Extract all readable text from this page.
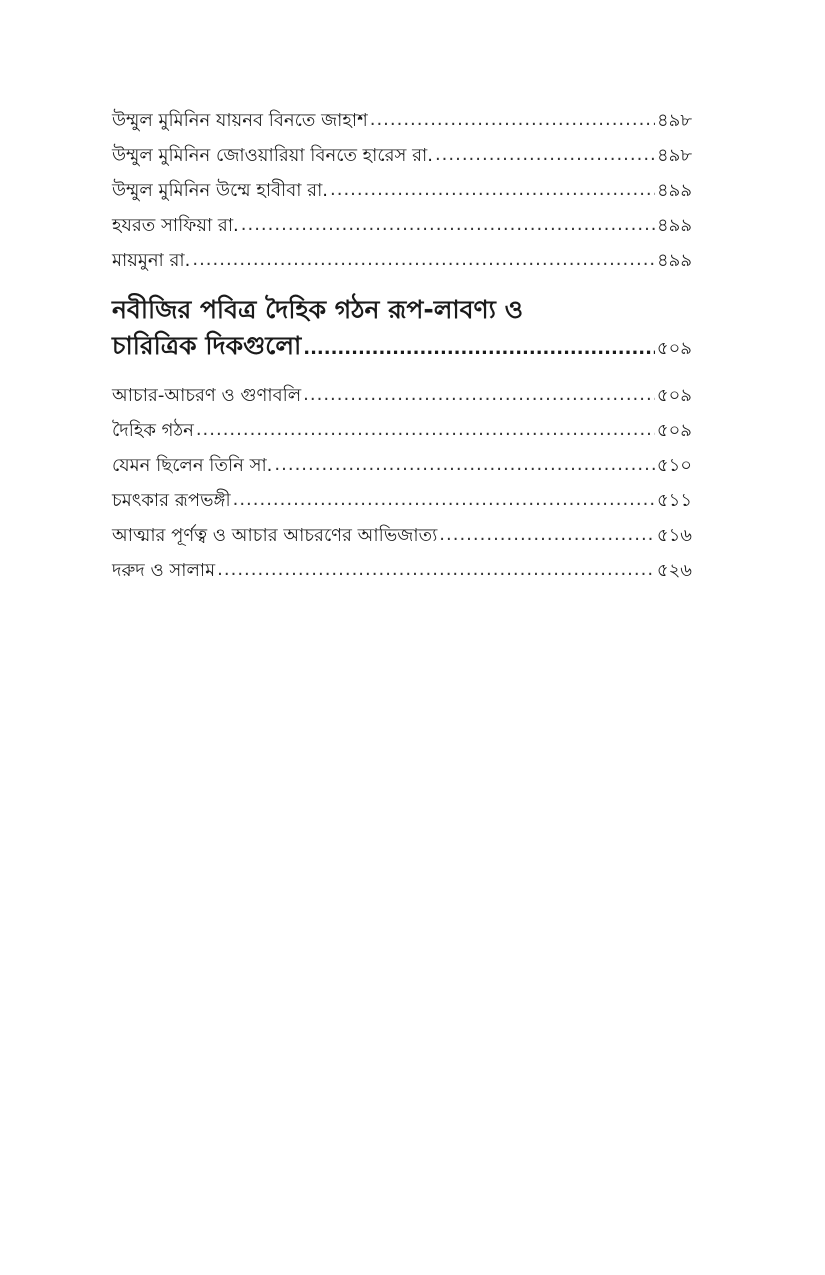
উম্মুল মুমিনিন যায়নব বিনতে জাহাশ .....	৪৯৮
উম্মুল মুমিনিন জোওয়ারিয়া বিনতে হারেস রা. .....	৪৯৮
উম্মুল মুমিনিন উম্মে হাবীবা রা. .....	৪৯৯
হযরত সাফিয়া রা. .....	৪৯৯
মায়মুনা রা. .....	৪৯৯
নবীজির পবিত্র দৈহিক গঠন রূপ-লাবণ্য ও
চারিত্রিক দিকগুলো .....	৫০৯
আচার-আচরণ ও গুণাবলি .....	৫০৯
দৈহিক গঠন .....	৫০৯
যেমন ছিলেন তিনি সা. .....	৫১০
চমৎকার রূপভঙ্গী .....	৫১১
আত্মার পূর্ণত্ব ও আচার আচরণের আভিজাত্য .....	৫১৬
দরুদ ও সালাম .....	৫২৬
